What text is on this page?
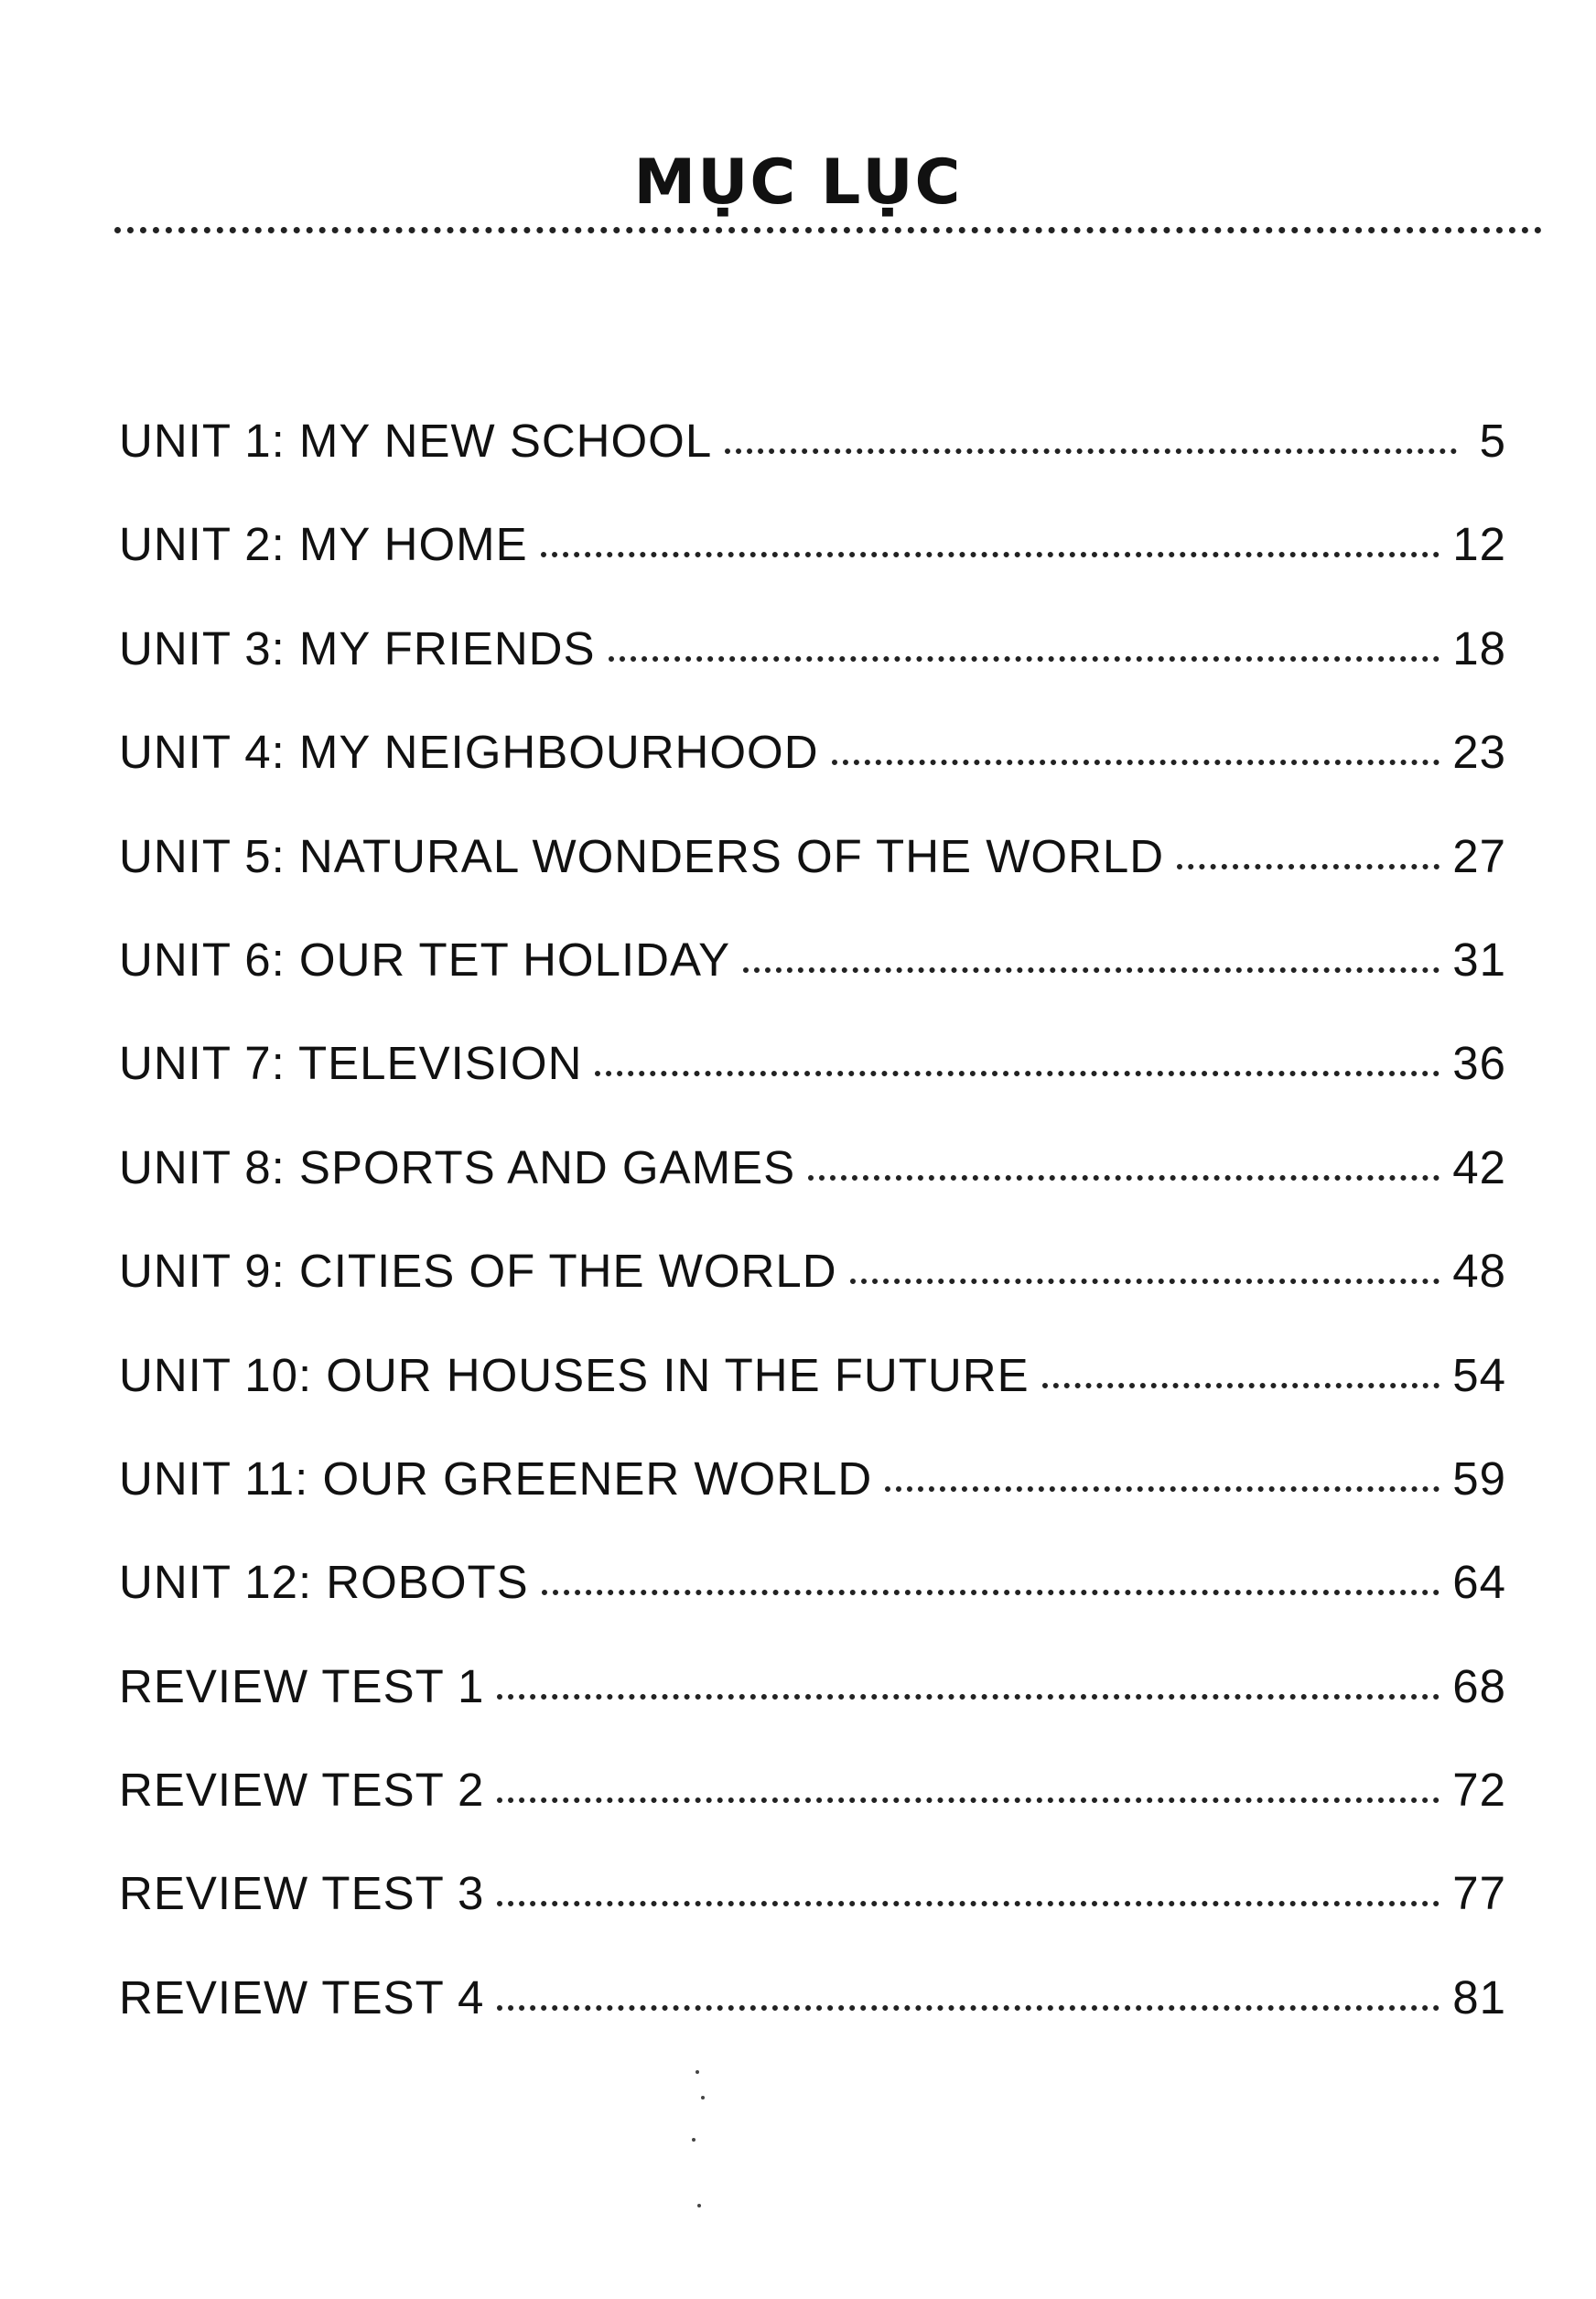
MỤC LỤC
UNIT 1: MY NEW SCHOOL	5
UNIT 2: MY HOME	12
UNIT 3: MY FRIENDS	18
UNIT 4: MY NEIGHBOURHOOD	23
UNIT 5: NATURAL WONDERS OF THE WORLD	27
UNIT 6: OUR TET HOLIDAY	31
UNIT 7: TELEVISION	36
UNIT 8: SPORTS AND GAMES	42
UNIT 9: CITIES OF THE WORLD	48
UNIT 10: OUR HOUSES IN THE FUTURE	54
UNIT 11: OUR GREENER WORLD	59
UNIT 12: ROBOTS	64
REVIEW TEST 1	68
REVIEW TEST 2	72
REVIEW TEST 3	77
REVIEW TEST 4	81
